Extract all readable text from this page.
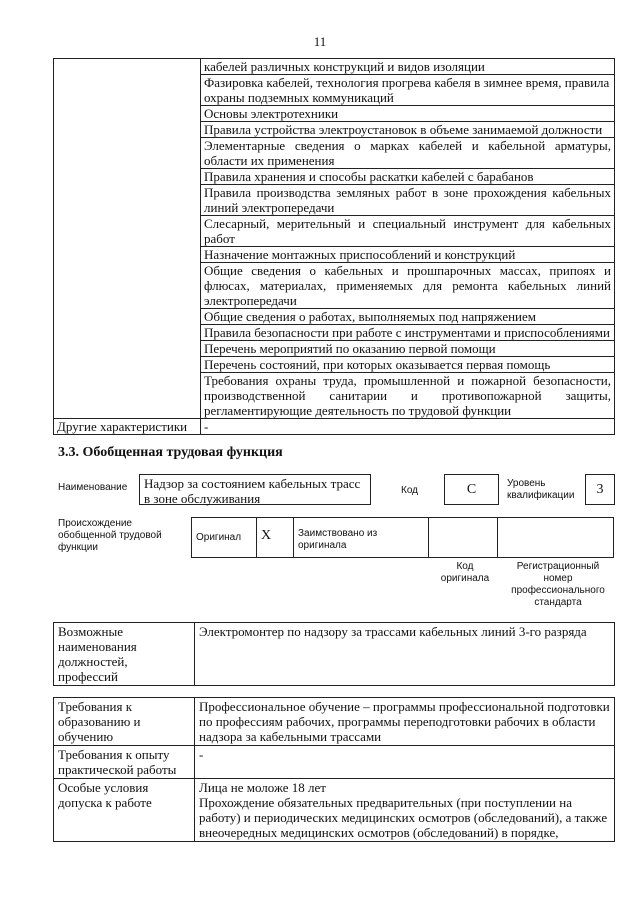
11
	кабелей различных конструкций и видов изоляции
	Фазировка кабелей, технология прогрева кабеля в зимнее время, правила охраны подземных коммуникаций
	Основы электротехники
	Правила устройства электроустановок в объеме занимаемой должности
	Элементарные сведения о марках кабелей и кабельной арматуры, области их применения
	Правила хранения и способы раскатки кабелей с барабанов
	Правила производства земляных работ в зоне прохождения кабельных линий электропередачи
	Слесарный, мерительный и специальный инструмент для кабельных работ
	Назначение монтажных приспособлений и конструкций
	Общие сведения о кабельных и прошпарочных массах, припоях и флюсах, материалах, применяемых для ремонта кабельных линий электропередачи
	Общие сведения о работах, выполняемых под напряжением
	Правила безопасности при работе с инструментами и приспособлениями
	Перечень мероприятий по оказанию первой помощи
	Перечень состояний, при которых оказывается первая помощь
	Требования охраны труда, промышленной и пожарной безопасности, производственной санитарии и противопожарной защиты, регламентирующие деятельность по трудовой функции
Другие характеристики	-
3.3. Обобщенная трудовая функция
Наименование	Надзор за состоянием кабельных трасс в зоне обслуживания
Код	С	Уровень квалификации	3
Происхождение обобщенной трудовой функции
Оригинал	X	Заимствовано из оригинала		
Код оригинала
Регистрационный номер профессионального стандарта
Возможные наименования должностей, профессий	Электромонтер по надзору за трассами кабельных линий 3-го разряда
Требования к образованию и обучению	Профессиональное обучение – программы профессиональной подготовки по профессиям рабочих, программы переподготовки рабочих в области надзора за кабельными трассами
Требования к опыту практической работы	-
Особые условия допуска к работе	Лица не моложе 18 лет
Прохождение обязательных предварительных (при поступлении на работу) и периодических медицинских осмотров (обследований), а также внеочередных медицинских осмотров (обследований) в порядке,
